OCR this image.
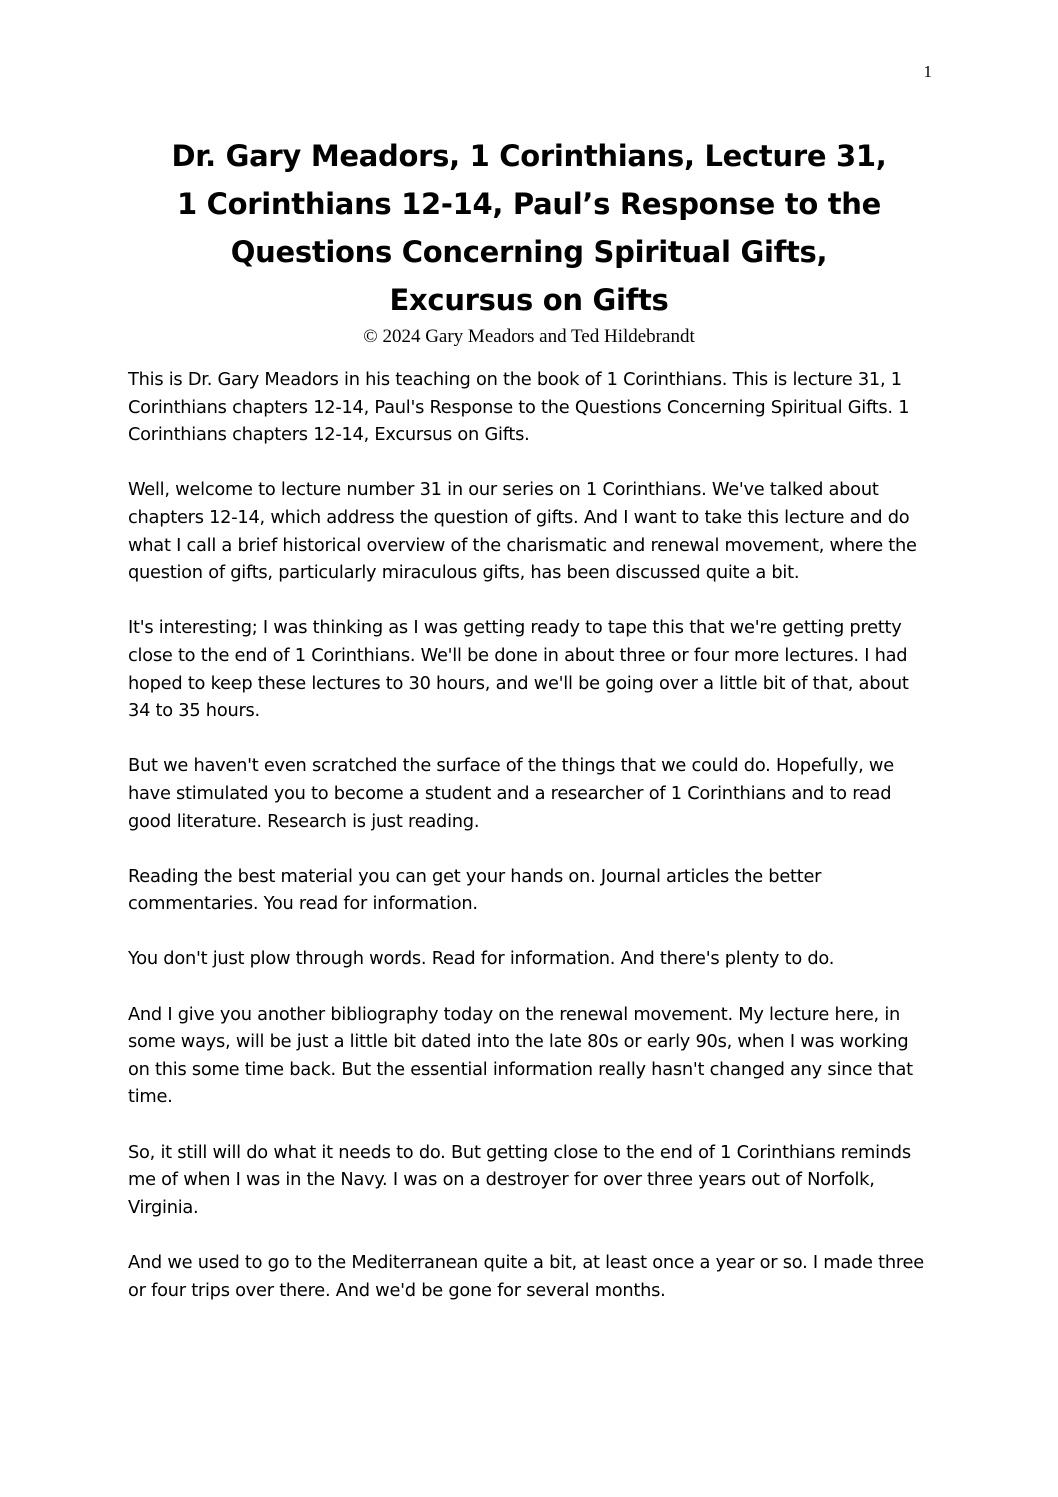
1
Dr. Gary Meadors, 1 Corinthians, Lecture 31,
1 Corinthians 12-14, Paul’s Response to the
Questions Concerning Spiritual Gifts,
Excursus on Gifts
© 2024 Gary Meadors and Ted Hildebrandt

This is Dr. Gary Meadors in his teaching on the book of 1 Corinthians. This is lecture 31, 1 Corinthians chapters 12-14, Paul's Response to the Questions Concerning Spiritual Gifts. 1 Corinthians chapters 12-14, Excursus on Gifts.

Well, welcome to lecture number 31 in our series on 1 Corinthians. We've talked about chapters 12-14, which address the question of gifts. And I want to take this lecture and do what I call a brief historical overview of the charismatic and renewal movement, where the question of gifts, particularly miraculous gifts, has been discussed quite a bit.

It's interesting; I was thinking as I was getting ready to tape this that we're getting pretty close to the end of 1 Corinthians. We'll be done in about three or four more lectures. I had hoped to keep these lectures to 30 hours, and we'll be going over a little bit of that, about 34 to 35 hours.

But we haven't even scratched the surface of the things that we could do. Hopefully, we have stimulated you to become a student and a researcher of 1 Corinthians and to read good literature. Research is just reading.

Reading the best material you can get your hands on. Journal articles the better commentaries. You read for information.

You don't just plow through words. Read for information. And there's plenty to do.

And I give you another bibliography today on the renewal movement. My lecture here, in some ways, will be just a little bit dated into the late 80s or early 90s, when I was working on this some time back. But the essential information really hasn't changed any since that time.

So, it still will do what it needs to do. But getting close to the end of 1 Corinthians reminds me of when I was in the Navy. I was on a destroyer for over three years out of Norfolk, Virginia.

And we used to go to the Mediterranean quite a bit, at least once a year or so. I made three or four trips over there. And we'd be gone for several months.
